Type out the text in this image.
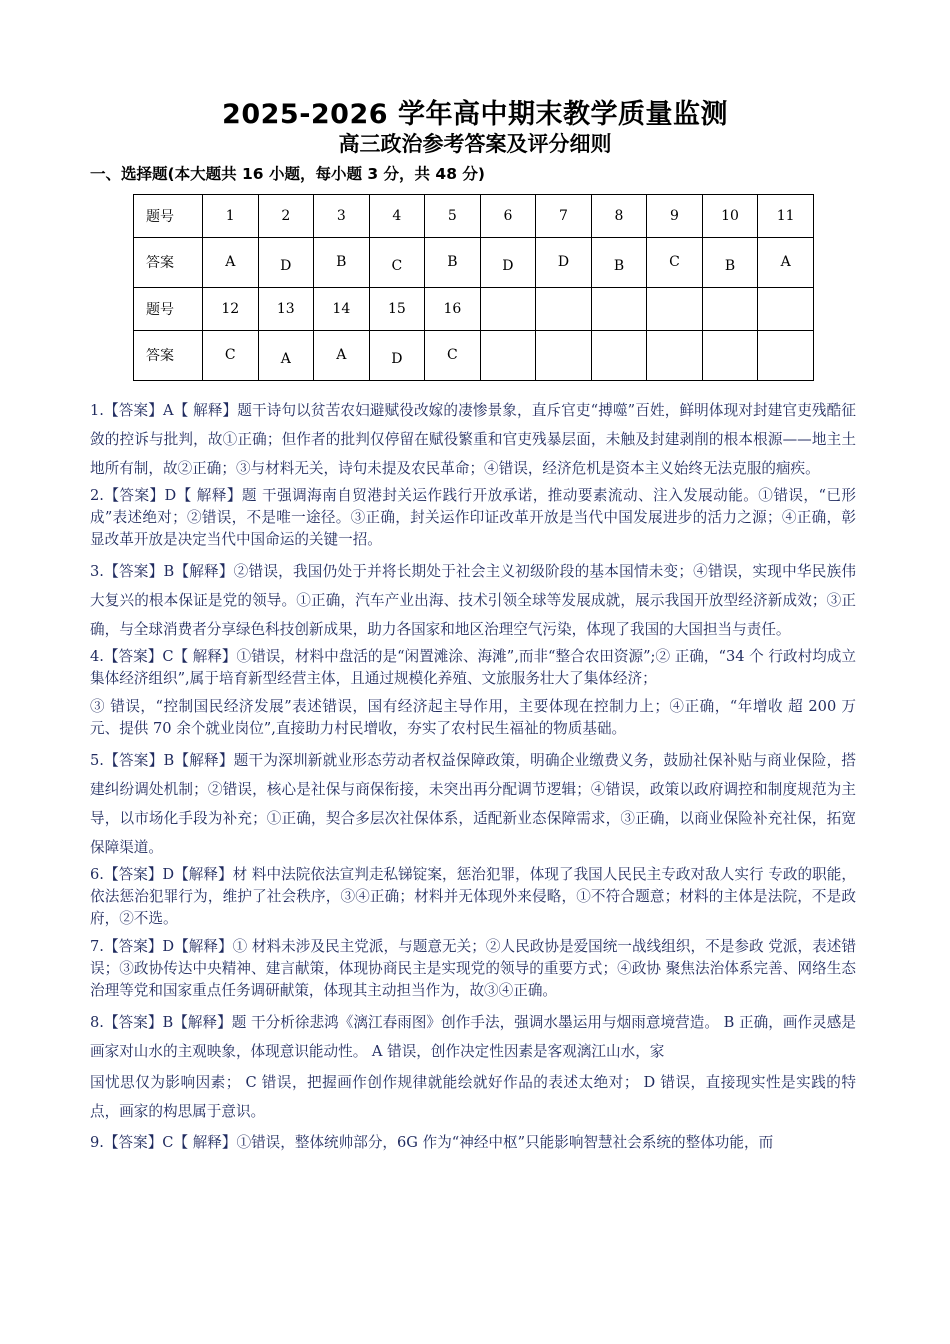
2025-2026 学年高中期末教学质量监测
高三政治参考答案及评分细则
一、选择题(本大题共 16 小题，每小题 3 分，共 48 分)
题号	1	2	3	4	5	6	7	8	9	10	11
答案	A	D	B	C	B	D	D	B	C	B	A
题号	12	13	14	15	16						
答案	C	A	A	D	C						

1.【答案】A【 解释】题干诗句以贫苦农妇避赋役改嫁的凄惨景象，直斥官吏“搏噬”百姓，鲜明体现对封建官吏残酷征敛的控诉与批判，故①正确；但作者的批判仅停留在赋役繁重和官吏残暴层面，未触及封建剥削的根本根源——地主土地所有制，故②正确；③与材料无关，诗句未提及农民革命；④错误，经济危机是资本主义始终无法克服的痼疾。

2.【答案】D【 解释】题 干强调海南自贸港封关运作践行开放承诺，推动要素流动、注入发展动能。①错误，“已形成”表述绝对；②错误，不是唯一途径。③正确，封关运作印证改革开放是当代中国发展进步的活力之源；④正确，彰显改革开放是决定当代中国命运的关键一招。

3.【答案】B【解释】②错误，我国仍处于并将长期处于社会主义初级阶段的基本国情未变；④错误，实现中华民族伟大复兴的根本保证是党的领导。①正确，汽车产业出海、技术引领全球等发展成就，展示我国开放型经济新成效；③正确，与全球消费者分享绿色科技创新成果，助力各国家和地区治理空气污染，体现了我国的大国担当与责任。

4.【答案】C【 解释】①错误，材料中盘活的是“闲置滩涂、海滩”,而非“整合农田资源”;② 正确，“34 个 行政村均成立集体经济组织”,属于培育新型经营主体，且通过规模化养殖、文旅服务壮大了集体经济；

③ 错误，“控制国民经济发展”表述错误，国有经济起主导作用，主要体现在控制力上；④正确，“年增收 超 200 万元、提供 70 余个就业岗位”,直接助力村民增收，夯实了农村民生福祉的物质基础。

5.【答案】B【解释】题干为深圳新就业形态劳动者权益保障政策，明确企业缴费义务，鼓励社保补贴与商业保险，搭建纠纷调处机制；②错误，核心是社保与商保衔接，未突出再分配调节逻辑；④错误，政策以政府调控和制度规范为主导，以市场化手段为补充；①正确，契合多层次社保体系，适配新业态保障需求，③正确，以商业保险补充社保，拓宽保障渠道。

6.【答案】D【解释】材 料中法院依法宣判走私锑锭案，惩治犯罪，体现了我国人民民主专政对敌人实行 专政的职能，依法惩治犯罪行为，维护了社会秩序，③④正确；材料并无体现外来侵略，①不符合题意；材料的主体是法院，不是政府，②不选。

7.【答案】D【解释】① 材料未涉及民主党派，与题意无关；②人民政协是爱国统一战线组织，不是参政 党派，表述错误；③政协传达中央精神、建言献策，体现协商民主是实现党的领导的重要方式；④政协 聚焦法治体系完善、网络生态治理等党和国家重点任务调研献策，体现其主动担当作为，故③④正确。

8.【答案】B【解释】题 干分析徐悲鸿《漓江春雨图》创作手法，强调水墨运用与烟雨意境营造。 B 正确，画作灵感是画家对山水的主观映象，体现意识能动性。 A 错误，创作决定性因素是客观漓江山水，家

国忧思仅为影响因素； C 错误，把握画作创作规律就能绘就好作品的表述太绝对； D 错误，直接现实性是实践的特点，画家的构思属于意识。

9.【答案】C【 解释】①错误，整体统帅部分，6G 作为“神经中枢”只能影响智慧社会系统的整体功能，而
